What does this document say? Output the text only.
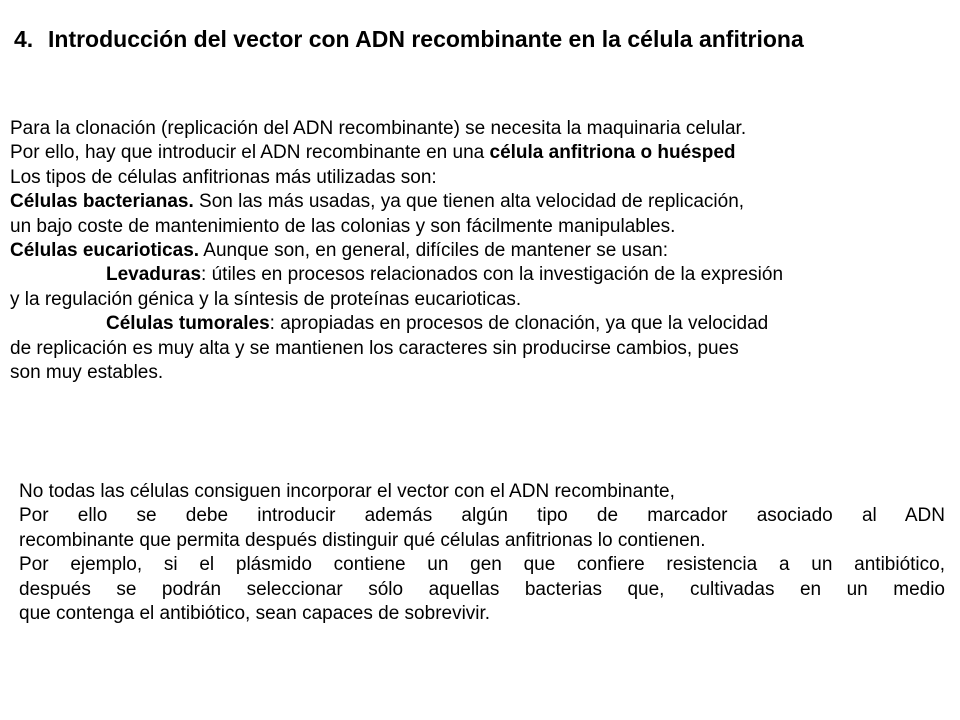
4. Introducción del vector con ADN recombinante en la célula anfitriona
Para la clonación (replicación del ADN recombinante) se necesita la maquinaria celular.
Por ello, hay que introducir el ADN recombinante en una célula anfitriona o huésped
Los tipos de células anfitrionas más utilizadas son:
Células bacterianas. Son las más usadas, ya que tienen alta velocidad de replicación,
un bajo coste de mantenimiento de las colonias y son fácilmente manipulables.
Células eucarioticas. Aunque son, en general, difíciles de mantener se usan:
Levaduras: útiles en procesos relacionados con la investigación de la expresión
y la regulación génica y la síntesis de proteínas eucarioticas.
Células tumorales: apropiadas en procesos de clonación, ya que la velocidad
de replicación es muy alta y se mantienen los caracteres sin producirse cambios, pues
son muy estables.
No todas las células consiguen incorporar el vector con el ADN recombinante,
Por ello se debe introducir además algún tipo de marcador asociado al ADN
recombinante que permita después distinguir qué células anfitrionas lo contienen.
Por ejemplo, si el plásmido contiene un gen que confiere resistencia a un antibiótico,
después se podrán seleccionar sólo aquellas bacterias que, cultivadas en un medio
que contenga el antibiótico, sean capaces de sobrevivir.
